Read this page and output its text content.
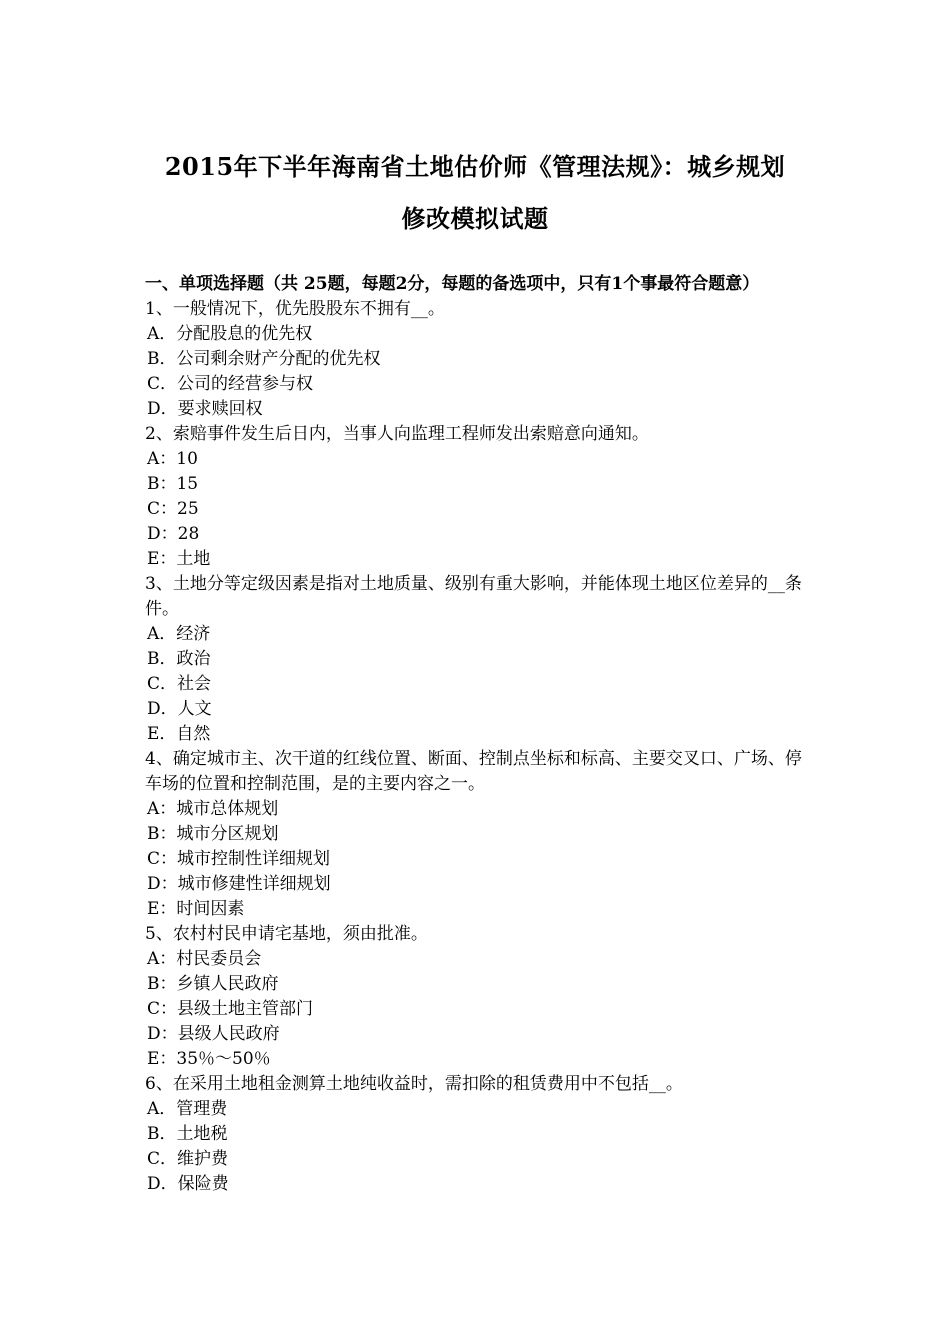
2015年下半年海南省土地估价师《管理法规》：城乡规划
修改模拟试题
一、单项选择题（共 25题，每题2分，每题的备选项中，只有1个事最符合题意）

1、一般情况下，优先股股东不拥有__。

A．分配股息的优先权

B．公司剩余财产分配的优先权

C．公司的经营参与权

D．要求赎回权

2、索赔事件发生后日内，当事人向监理工程师发出索赔意向通知。

A：10

B：15

C：25

D：28

E：土地

3、土地分等定级因素是指对土地质量、级别有重大影响，并能体现土地区位差异的__条件。

A．经济

B．政治

C．社会

D．人文

E．自然

4、确定城市主、次干道的红线位置、断面、控制点坐标和标高、主要交叉口、广场、停车场的位置和控制范围，是的主要内容之一。

A：城市总体规划

B：城市分区规划

C：城市控制性详细规划

D：城市修建性详细规划

E：时间因素

5、农村村民申请宅基地，须由批准。

A：村民委员会

B：乡镇人民政府

C：县级土地主管部门

D：县级人民政府

E：35％～50％

6、在采用土地租金测算土地纯收益时，需扣除的租赁费用中不包括__。

A．管理费

B．土地税

C．维护费

D．保险费
